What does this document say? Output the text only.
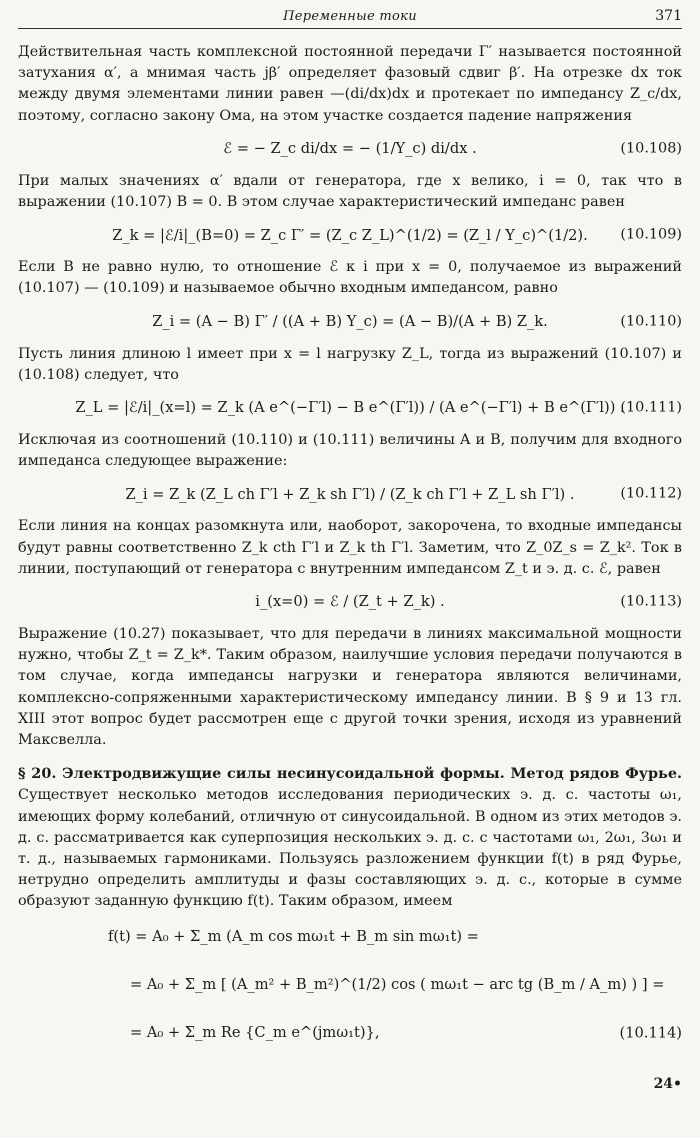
Переменные токи	371

Действительная часть комплексной постоянной передачи Γ′ называется постоянной затухания α′, а мнимая часть jβ′ определяет фазовый сдвиг β′. На отрезке dx ток между двумя элементами линии равен —(di/dx)dx и протекает по импедансу Z_c/dx, поэтому, согласно закону Ома, на этом участке создается падение напряжения

ℰ = − Z_c di/dx = − (1/Y_c) di/dx .	(10.108)

При малых значениях α′ вдали от генератора, где x велико, i = 0, так что в выражении (10.107) B = 0. В этом случае характеристический импеданс равен

Z_k = |ℰ/i|_(B=0) = Z_c Γ′ = (Z_c Z_L)^(1/2) = (Z_l / Y_c)^(1/2). (10.109)

Если B не равно нулю, то отношение ℰ к i при x = 0, получаемое из выражений (10.107) — (10.109) и называемое обычно входным импедансом, равно

Z_i = (A − B) Γ′ / ((A + B) Y_c) = (A − B)/(A + B) Z_k.	(10.110)

Пусть линия длиною l имеет при x = l нагрузку Z_L, тогда из выражений (10.107) и (10.108) следует, что

Z_L = |ℰ/i|_(x=l) = Z_k (A e^(−Γ′l) − B e^(Γ′l)) / (A e^(−Γ′l) + B e^(Γ′l)) .
(10.111)

Исключая из соотношений (10.110) и (10.111) величины A и B, получим для входного импеданса следующее выражение:

Z_i = Z_k (Z_L ch Γ′l + Z_k sh Γ′l) / (Z_k ch Γ′l + Z_L sh Γ′l) .	(10.112)

Если линия на концах разомкнута или, наоборот, закорочена, то входные импедансы будут равны соответственно Z_k cth Γ′l и Z_k th Γ′l. Заметим, что Z_0Z_s = Z_k². Ток в линии, поступающий от генератора с внутренним импедансом Z_t и э. д. с. ℰ, равен

i_(x=0) = ℰ / (Z_t + Z_k) .	(10.113)

Выражение (10.27) показывает, что для передачи в линиях максимальной мощности нужно, чтобы Z_t = Z_k*. Таким образом, наилучшие условия передачи получаются в том случае, когда импедансы нагрузки и генератора являются величинами, комплексно-сопряженными характеристическому импедансу линии. В § 9 и 13 гл. XIII этот вопрос будет рассмотрен еще с другой точки зрения, исходя из уравнений Максвелла.

§ 20. Электродвижущие силы несинусоидальной формы. Метод рядов Фурье. Существует несколько методов исследования периодических э. д. с. частоты ω₁, имеющих форму колебаний, отличную от синусоидальной. В одном из этих методов э. д. с. рассматривается как суперпозиция нескольких э. д. с. с частотами ω₁, 2ω₁, 3ω₁ и т. д., называемых гармониками. Пользуясь разложением функции f(t) в ряд Фурье, нетрудно определить амплитуды и фазы составляющих э. д. с., которые в сумме образуют заданную функцию f(t). Таким образом, имеем

f(t) = A₀ + Σ_m (A_m cos mω₁t + B_m sin mω₁t) =
= A₀ + Σ_m [ (A_m² + B_m²)^(1/2) cos ( mω₁t − arc tg (B_m / A_m) ) ] =
= A₀ + Σ_m Re {C_m e^(jmω₁t)},	(10.114)
24•
